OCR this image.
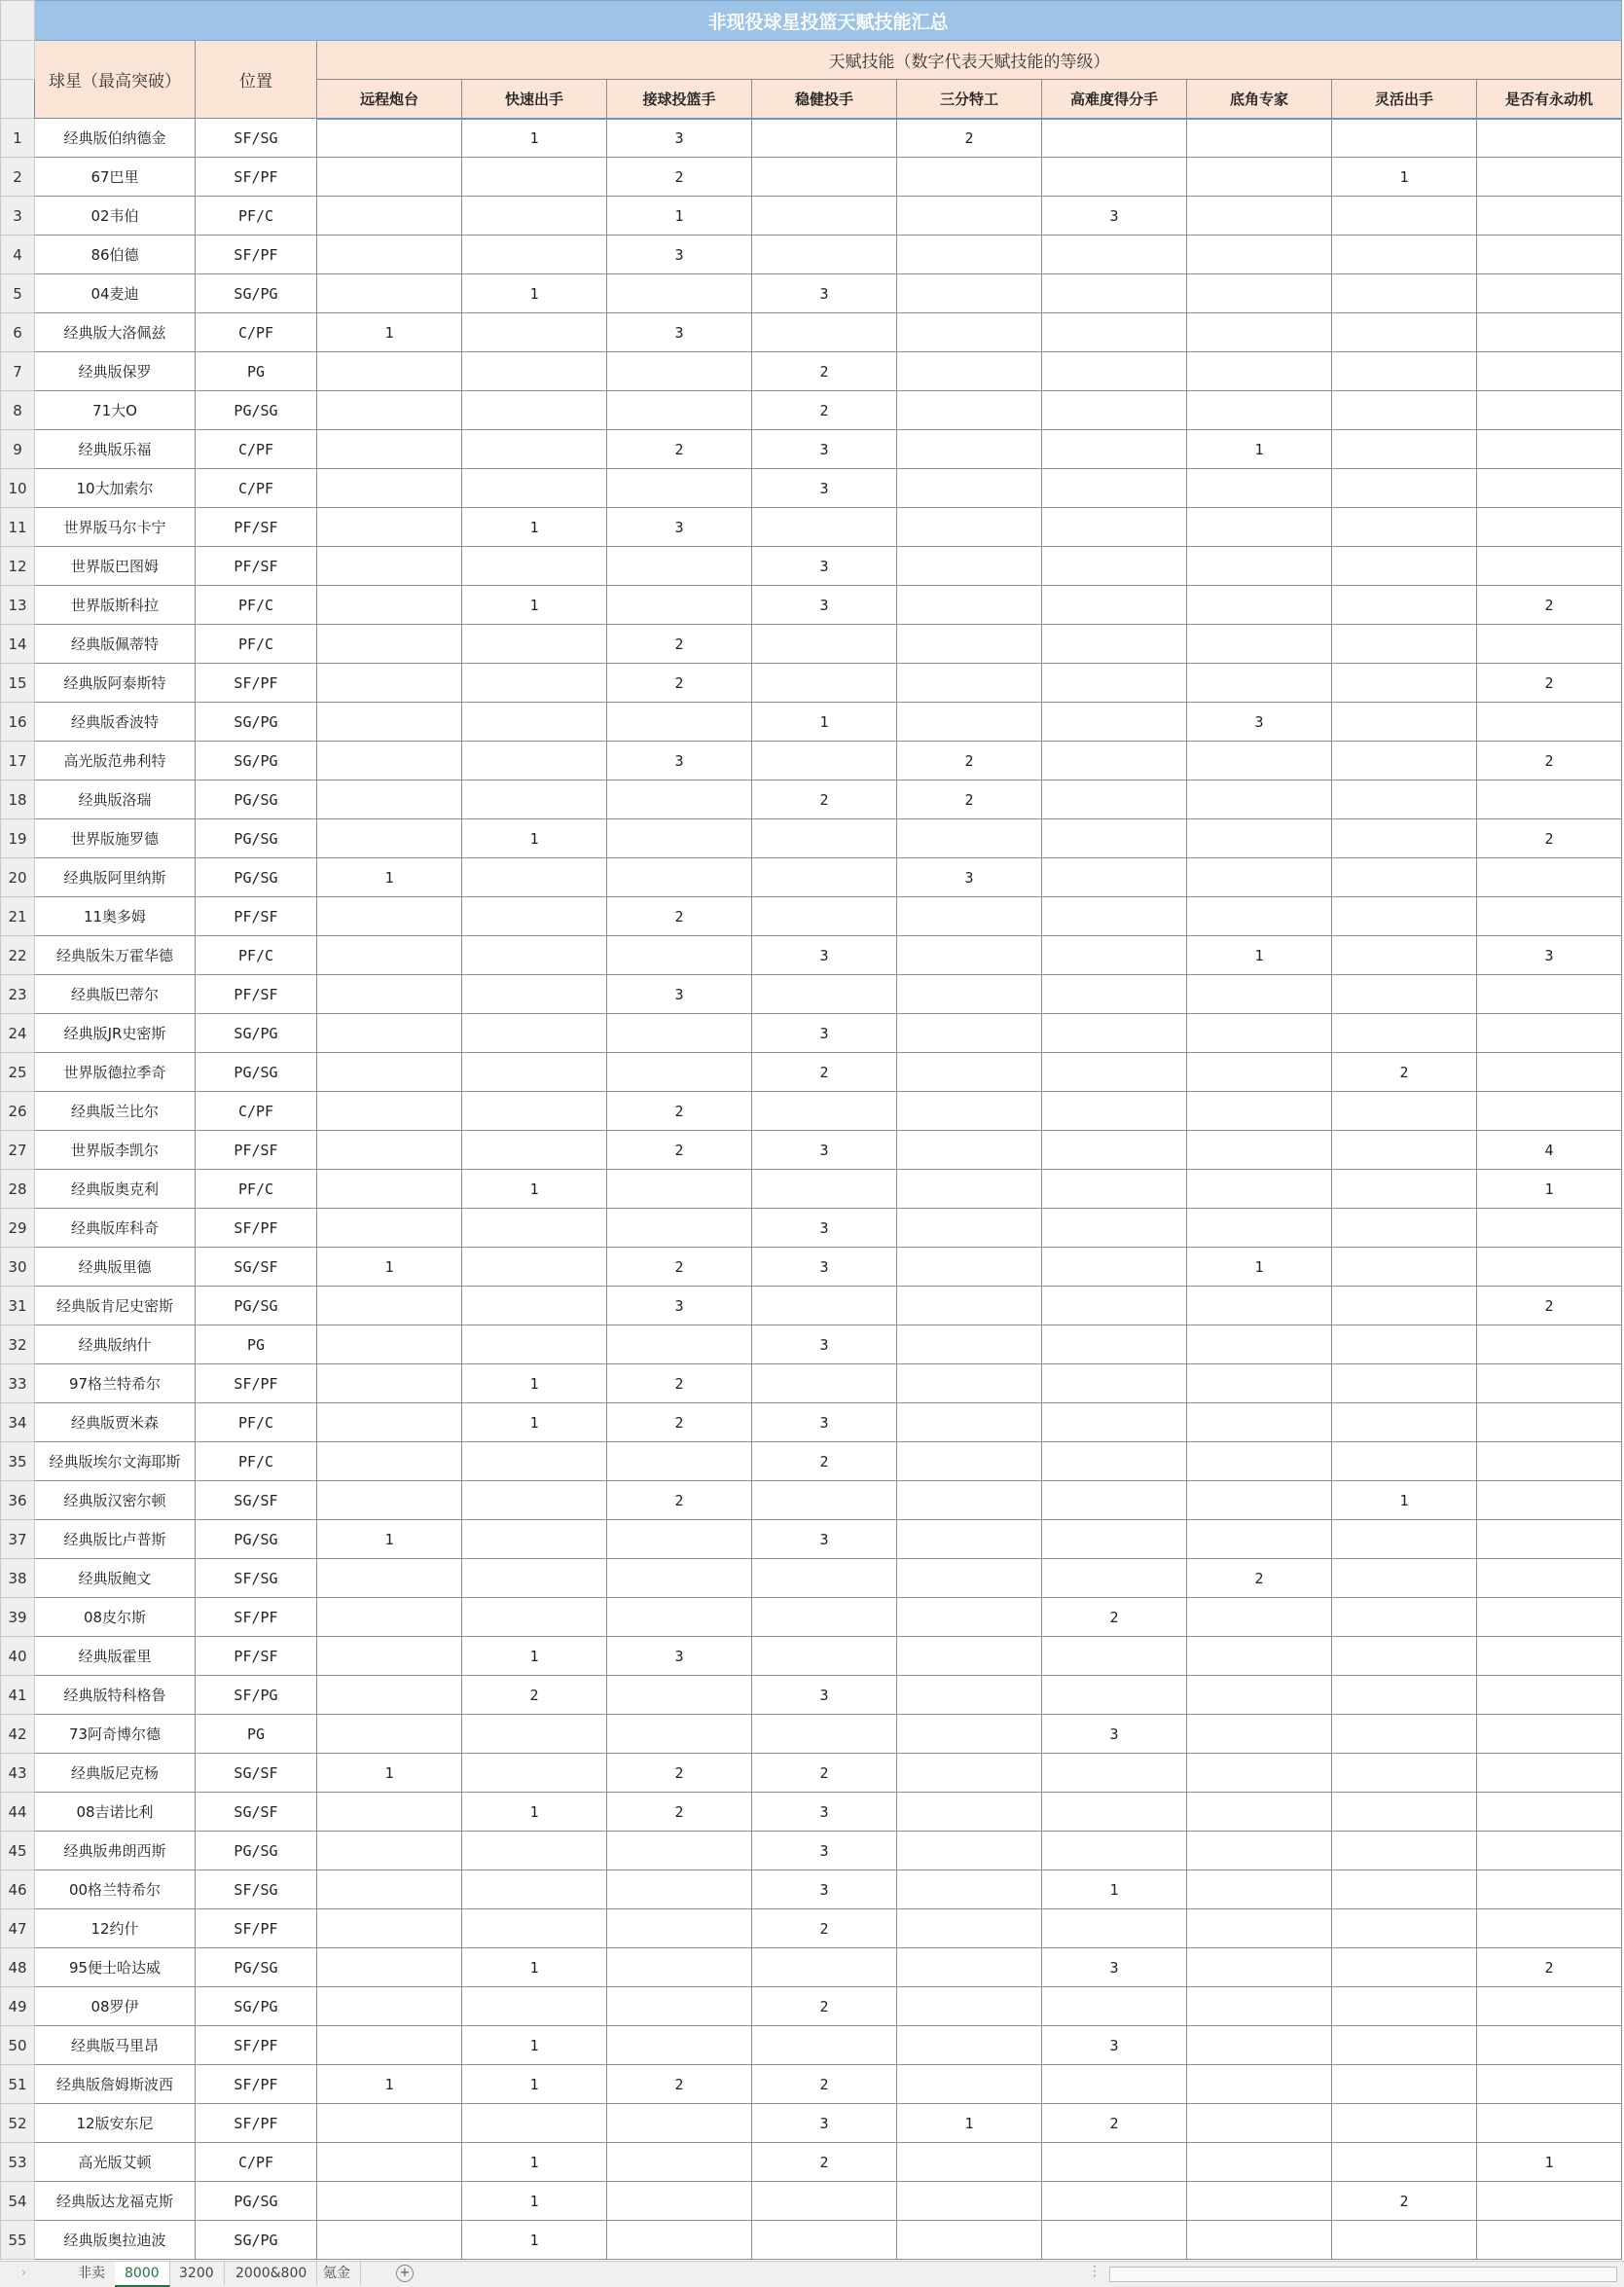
	非现役球星投篮天赋技能汇总										
	球星（最高突破）	位置	天赋技能（数字代表天赋技能的等级）								
			远程炮台	快速出手	接球投篮手	稳健投手	三分特工	高难度得分手	底角专家	灵活出手	是否有永动机
1	经典版伯纳德金	SF/SG		1	3		2				
2	67巴里	SF/PF			2					1	
3	02韦伯	PF/C			1			3			
4	86伯德	SF/PF			3						
5	04麦迪	SG/PG		1		3					
6	经典版大洛佩兹	C/PF	1		3						
7	经典版保罗	PG				2					
8	71大O	PG/SG				2					
9	经典版乐福	C/PF			2	3			1		
10	10大加索尔	C/PF				3					
11	世界版马尔卡宁	PF/SF		1	3						
12	世界版巴图姆	PF/SF				3					
13	世界版斯科拉	PF/C		1		3					2
14	经典版佩蒂特	PF/C			2						
15	经典版阿泰斯特	SF/PF			2						2
16	经典版香波特	SG/PG				1			3		
17	高光版范弗利特	SG/PG			3		2				2
18	经典版洛瑞	PG/SG				2	2				
19	世界版施罗德	PG/SG		1							2
20	经典版阿里纳斯	PG/SG	1				3				
21	11奥多姆	PF/SF			2						
22	经典版朱万霍华德	PF/C				3			1		3
23	经典版巴蒂尔	PF/SF			3						
24	经典版JR史密斯	SG/PG				3					
25	世界版德拉季奇	PG/SG				2				2	
26	经典版兰比尔	C/PF			2						
27	世界版李凯尔	PF/SF			2	3					4
28	经典版奥克利	PF/C		1							1
29	经典版库科奇	SF/PF				3					
30	经典版里德	SG/SF	1		2	3			1		
31	经典版肯尼史密斯	PG/SG			3						2
32	经典版纳什	PG				3					
33	97格兰特希尔	SF/PF		1	2						
34	经典版贾米森	PF/C		1	2	3					
35	经典版埃尔文海耶斯	PF/C				2					
36	经典版汉密尔顿	SG/SF			2					1	
37	经典版比卢普斯	PG/SG	1			3					
38	经典版鲍文	SF/SG							2		
39	08皮尔斯	SF/PF						2			
40	经典版霍里	PF/SF		1	3						
41	经典版特科格鲁	SF/PG		2		3					
42	73阿奇博尔德	PG						3			
43	经典版尼克杨	SG/SF	1		2	2					
44	08吉诺比利	SG/SF		1	2	3					
45	经典版弗朗西斯	PG/SG				3					
46	00格兰特希尔	SF/SG				3		1			
47	12约什	SF/PF				2					
48	95便士哈达威	PG/SG		1				3			2
49	08罗伊	SG/PG				2					
50	经典版马里昂	SF/PF		1				3			
51	经典版詹姆斯波西	SF/PF	1	1	2	2					
52	12版安东尼	SF/PF				3	1	2			
53	高光版艾顿	C/PF		1		2					1
54	经典版达龙福克斯	PG/SG		1						2	
55	经典版奥拉迪波	SG/PG		1							
›	非卖	8000	3200	2000&800	氪金	+	⋮
